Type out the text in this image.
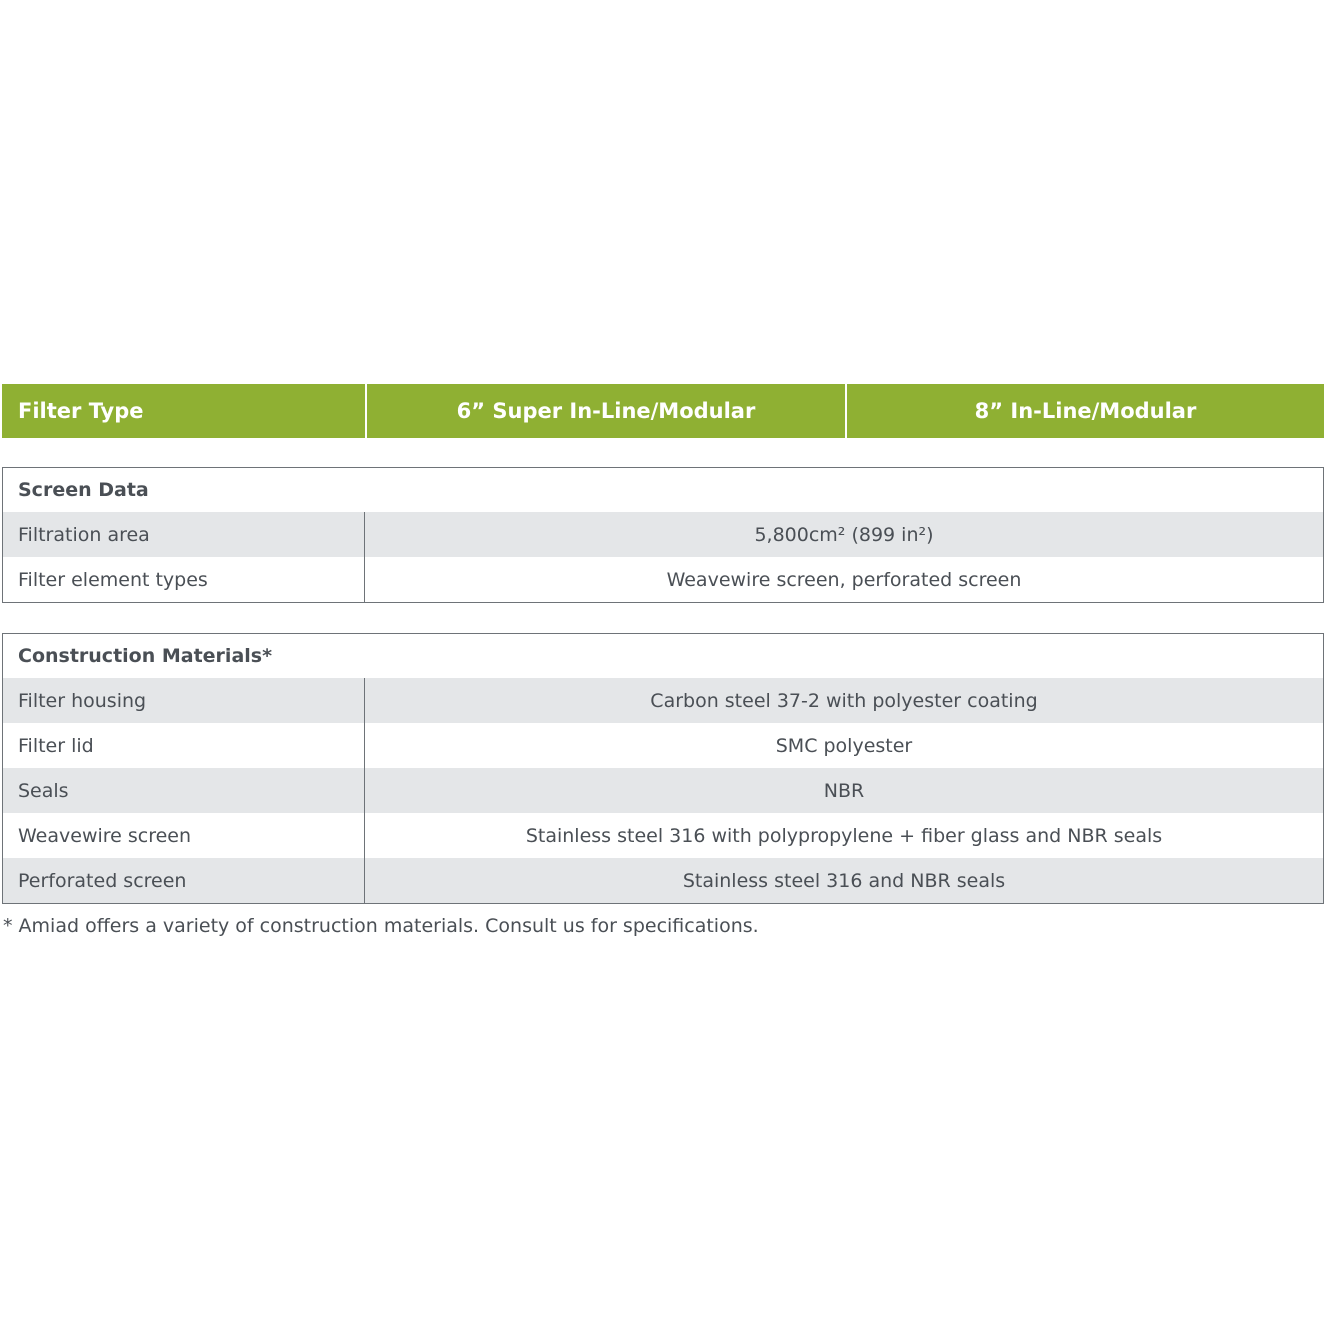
Filter Type	6” Super In-Line/Modular	8” In-Line/Modular
Screen Data
Filtration area	5,800cm² (899 in²)
Filter element types	Weavewire screen, perforated screen
Construction Materials*
Filter housing	Carbon steel 37-2 with polyester coating
Filter lid	SMC polyester
Seals	NBR
Weavewire screen	Stainless steel 316 with polypropylene + fiber glass and NBR seals
Perforated screen	Stainless steel 316 and NBR seals
* Amiad offers a variety of construction materials. Consult us for specifications.
